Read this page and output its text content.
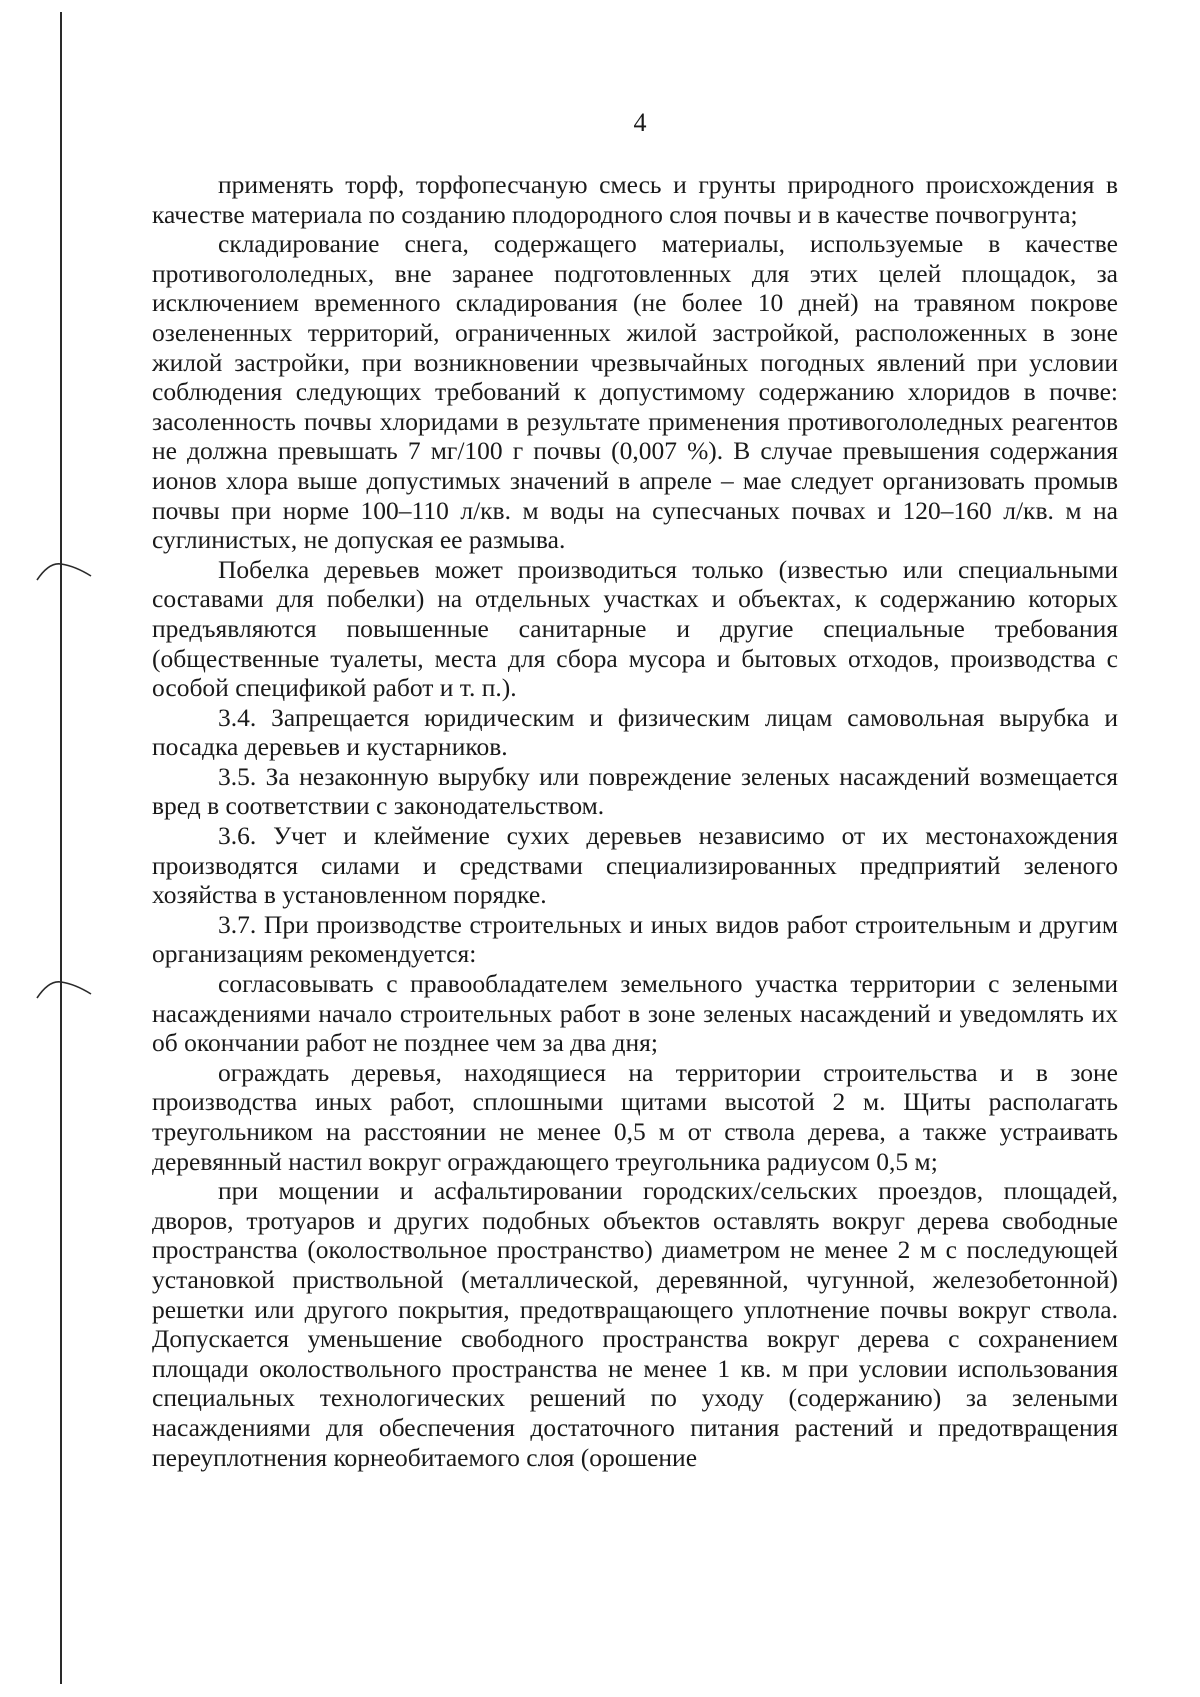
4

применять торф, торфопесчаную смесь и грунты природного происхождения в качестве материала по созданию плодородного слоя почвы и в качестве почвогрунта;

складирование снега, содержащего материалы, используемые в качестве противогололедных, вне заранее подготовленных для этих целей площадок, за исключением временного складирования (не более 10 дней) на травяном покрове озелененных территорий, ограниченных жилой застройкой, расположенных в зоне жилой застройки, при возникновении чрезвычайных погодных явлений при условии соблюдения следующих требований к допустимому содержанию хлоридов в почве: засоленность почвы хлоридами в результате применения противогололедных реагентов не должна превышать 7 мг/100 г почвы (0,007 %). В случае превышения содержания ионов хлора выше допустимых значений в апреле – мае следует организовать промыв почвы при норме 100–110 л/кв. м воды на супесчаных почвах и 120–160 л/кв. м на суглинистых, не допуская ее размыва.

Побелка деревьев может производиться только (известью или специальными составами для побелки) на отдельных участках и объектах, к содержанию которых предъявляются повышенные санитарные и другие специальные требования (общественные туалеты, места для сбора мусора и бытовых отходов, производства с особой спецификой работ и т. п.).

3.4. Запрещается юридическим и физическим лицам самовольная вырубка и посадка деревьев и кустарников.

3.5. За незаконную вырубку или повреждение зеленых насаждений возмещается вред в соответствии с законодательством.

3.6. Учет и клеймение сухих деревьев независимо от их местонахождения производятся силами и средствами специализированных предприятий зеленого хозяйства в установленном порядке.

3.7. При производстве строительных и иных видов работ строительным и другим организациям рекомендуется:

согласовывать с правообладателем земельного участка территории с зелеными насаждениями начало строительных работ в зоне зеленых насаждений и уведомлять их об окончании работ не позднее чем за два дня;

ограждать деревья, находящиеся на территории строительства и в зоне производства иных работ, сплошными щитами высотой 2 м. Щиты располагать треугольником на расстоянии не менее 0,5 м от ствола дерева, а также устраивать деревянный настил вокруг ограждающего треугольника радиусом 0,5 м;

при мощении и асфальтировании городских/сельских проездов, площадей, дворов, тротуаров и других подобных объектов оставлять вокруг дерева свободные пространства (околоствольное пространство) диаметром не менее 2 м с последующей установкой приствольной (металлической, деревянной, чугунной, железобетонной) решетки или другого покрытия, предотвращающего уплотнение почвы вокруг ствола. Допускается уменьшение свободного пространства вокруг дерева с сохранением площади околоствольного пространства не менее 1 кв. м при условии использования специальных технологических решений по уходу (содержанию) за зелеными насаждениями для обеспечения достаточного питания растений и предотвращения переуплотнения корнеобитаемого слоя (орошение
